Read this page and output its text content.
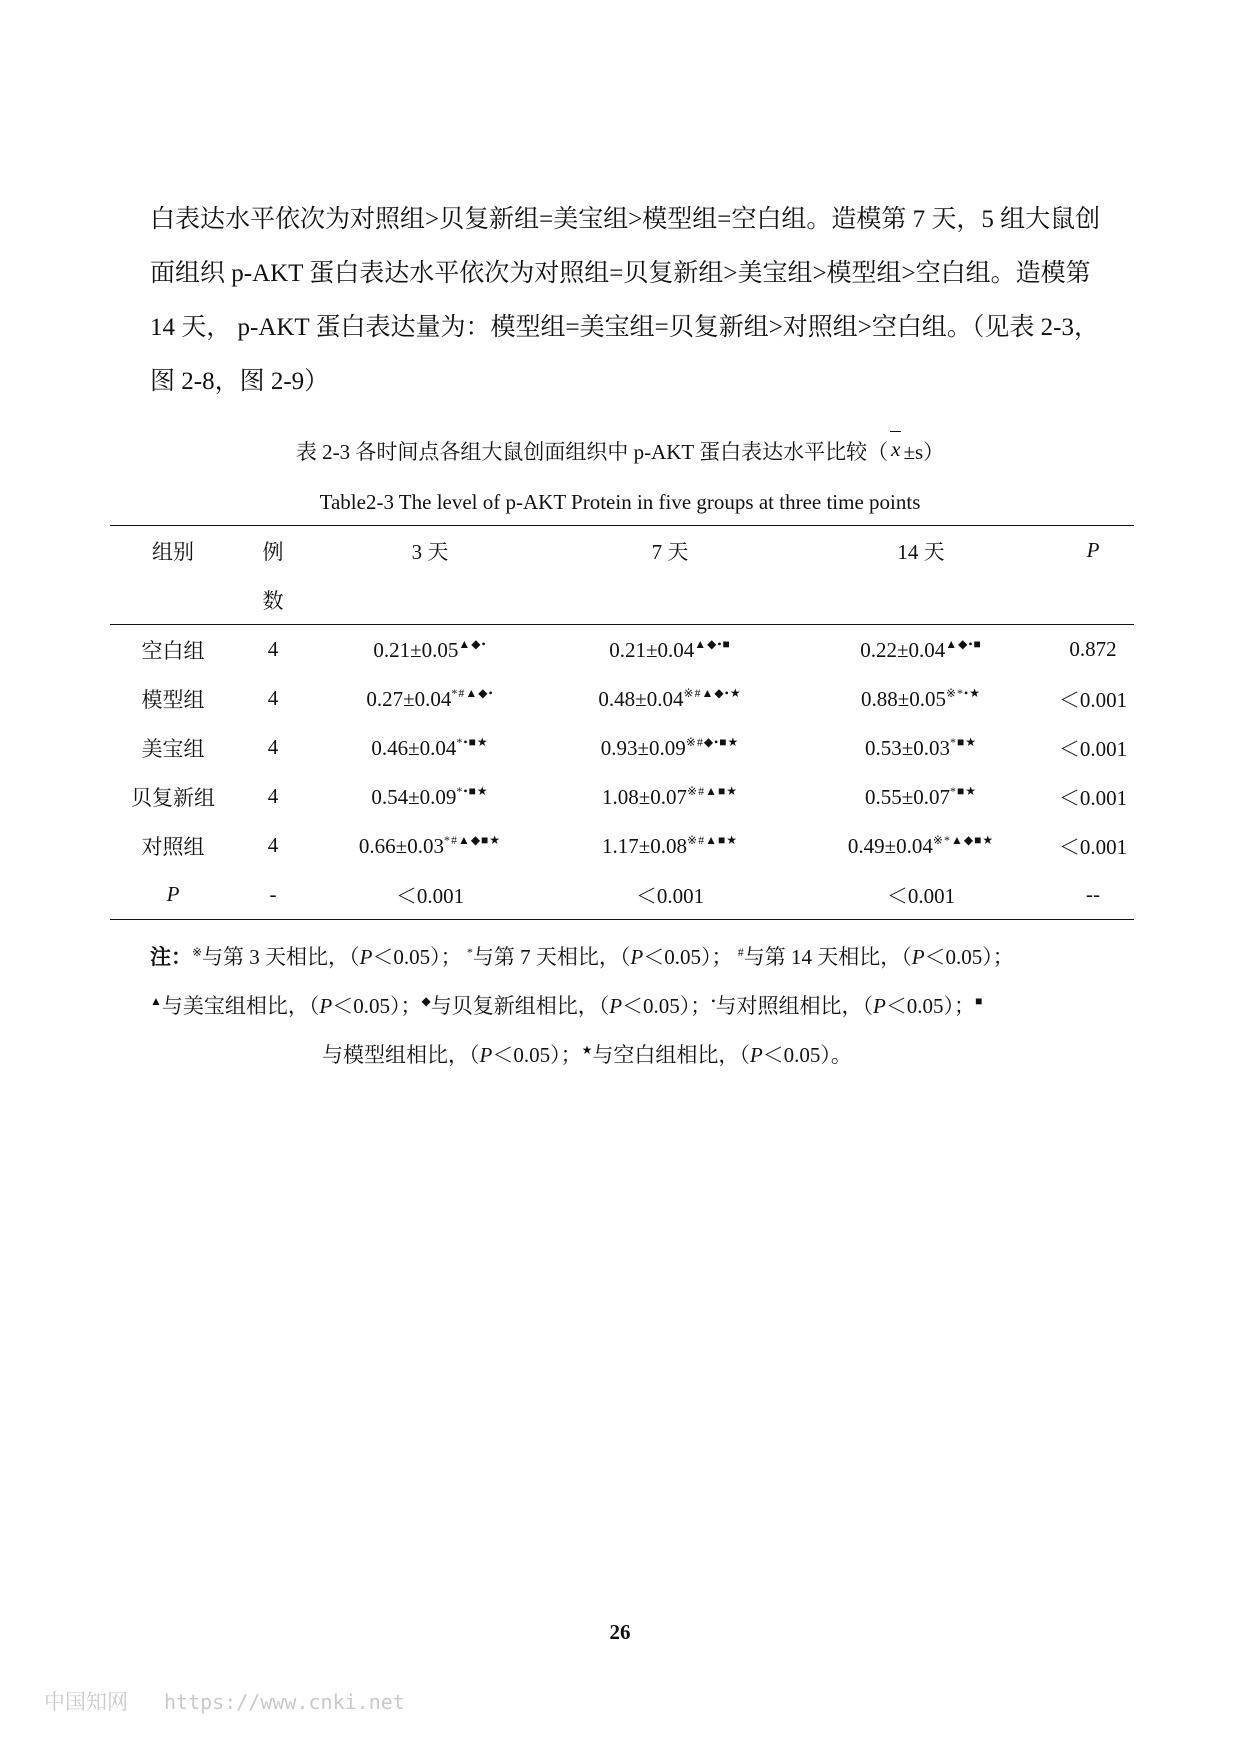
白表达水平依次为对照组>贝复新组=美宝组>模型组=空白组。造模第 7 天，5 组大鼠创
面组织 p-AKT 蛋白表达水平依次为对照组=贝复新组>美宝组>模型组>空白组。造模第
14 天， p-AKT 蛋白表达量为：模型组=美宝组=贝复新组>对照组>空白组。（见表 2-3，
图 2-8，图 2-9）
表 2-3 各时间点各组大鼠创面组织中 p-AKT 蛋白表达水平比较（ x ±s）
Table2-3 The level of p-AKT Protein in five groups at three time points
组别	例	3 天	7 天	14 天	P
	数				
空白组	4	0.21±0.05▲◆•	0.21±0.04▲◆•■	0.22±0.04▲◆•■	0.872
模型组	4	0.27±0.04*#▲◆•	0.48±0.04※#▲◆•★	0.88±0.05※*•★	＜0.001
美宝组	4	0.46±0.04*•■★	0.93±0.09※#◆•■★	0.53±0.03*■★	＜0.001
贝复新组	4	0.54±0.09*•■★	1.08±0.07※#▲■★	0.55±0.07*■★	＜0.001
对照组	4	0.66±0.03*#▲◆■★	1.17±0.08※#▲■★	0.49±0.04※*▲◆■★	＜0.001
P	-	＜0.001	＜0.001	＜0.001	--
注：※与第 3 天相比，（P＜0.05）； *与第 7 天相比，（P＜0.05）； #与第 14 天相比，（P＜0.05）；
▲与美宝组相比，（P＜0.05）；◆与贝复新组相比，（P＜0.05）；•与对照组相比，（P＜0.05）；■
与模型组相比，（P＜0.05）；★与空白组相比，（P＜0.05）。
26
中国知网 https://www.cnki.net
